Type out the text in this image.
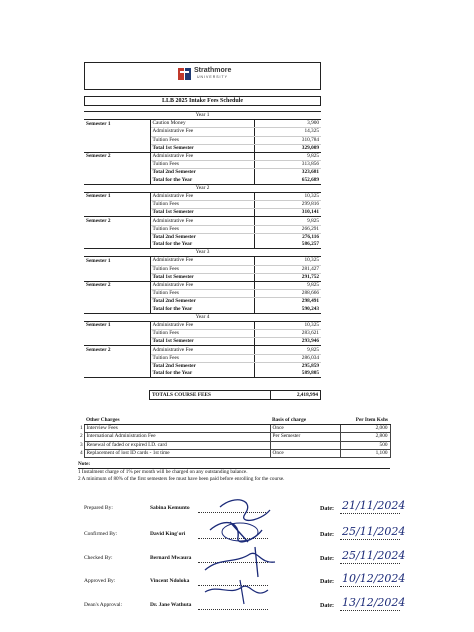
Strathmore
UNIVERSITY
LLB 2025 Intake Fees Schedule
Year 1		
Semester 1	Caution Money	3,900
	Administrative Fee	14,325
	Tuition Fees	310,784
	Total 1st Semester	329,009
Semester 2	Administrative Fee	9,825
	Tuition Fees	313,856
	Total 2nd Semester	323,681
	Total for the Year	652,689
Year 2		
Semester 1	Administrative Fee	10,325
	Tuition Fees	299,816
	Total 1st Semester	310,141
Semester 2	Administrative Fee	9,825
	Tuition Fees	266,291
	Total 2nd Semester	276,116
	Total for the Year	586,257
Year 3		
Semester 1	Administrative Fee	10,325
	Tuition Fees	281,427
	Total 1st Semester	291,752
Semester 2	Administrative Fee	9,825
	Tuition Fees	288,666
	Total 2nd Semester	298,491
	Total for the Year	590,243
Year 4		
Semester 1	Administrative Fee	10,325
	Tuition Fees	283,621
	Total 1st Semester	293,946
Semester 2	Administrative Fee	9,825
	Tuition Fees	286,034
	Total 2nd Semester	295,859
	Total for the Year	589,805
TOTALS COURSE FEES	2,418,994
	Other Charges	Basis of charge	Per Item Kshs
1	Interview Fees	Once	2,000
2	International Administration Fee	Per Semester	2,800
3	Renewal of faded or expired I.D. card		500
4	Replacement of lost ID cards - 1st time	Once	1,100
Note:
1 Instalment charge of 1% per month will be charged on any outstanding balance.
2 A minimum of 80% of the first semesters fee must have been paid before enrolling for the course.
Prepared By:	Sabina Kemunto	Date: 21/11/2024
Confirmed By:	David King'ori	Date: 25/11/2024
Checked By:	Bernard Mwaura	Date: 25/11/2024
Approved By:	Vincent Ndoloka	Date: 10/12/2024
Dean's Approval:	Dr. Jane Wathuta	Date: 13/12/2024
